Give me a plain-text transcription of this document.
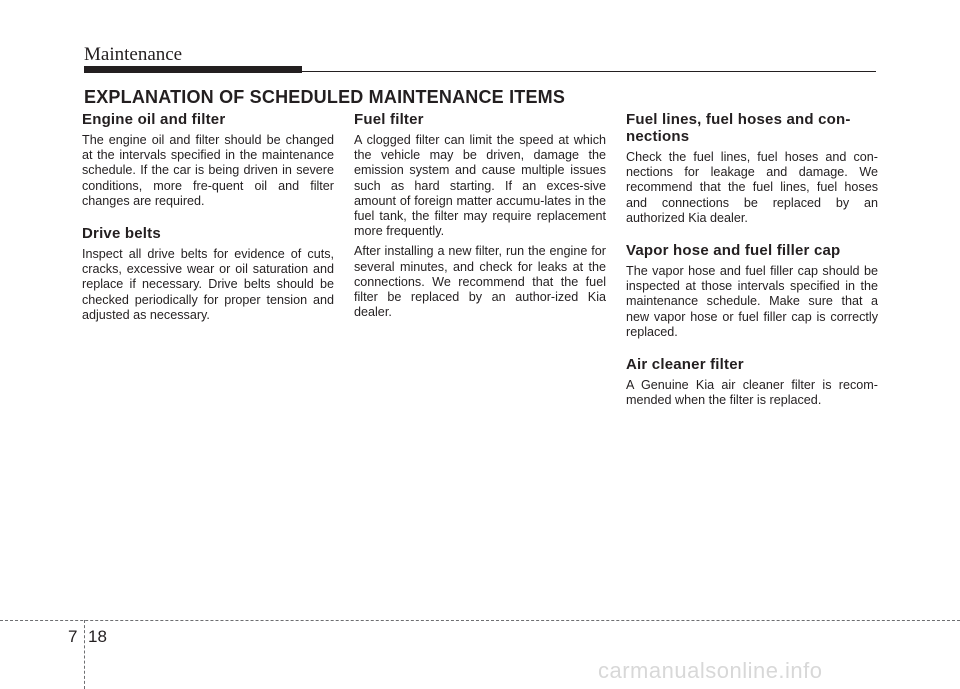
Maintenance
EXPLANATION OF SCHEDULED MAINTENANCE ITEMS
Engine oil and filter

The engine oil and filter should be changed at the intervals specified in the maintenance schedule. If the car is being driven in severe conditions, more fre-quent oil and filter changes are required.

Drive belts

Inspect all drive belts for evidence of cuts, cracks, excessive wear or oil saturation and replace if necessary. Drive belts should be checked periodically for proper tension and adjusted as necessary.

Fuel filter

A clogged filter can limit the speed at which the vehicle may be driven, damage the emission system and cause multiple issues such as hard starting. If an exces-sive amount of foreign matter accumu-lates in the fuel tank, the filter may require replacement more frequently.

After installing a new filter, run the engine for several minutes, and check for leaks at the connections. We recommend that the fuel filter be replaced by an author-ized Kia dealer.

Fuel lines, fuel hoses and con-nections

Check the fuel lines, fuel hoses and con-nections for leakage and damage. We recommend that the fuel lines, fuel hoses and connections be replaced by an authorized Kia dealer.

Vapor hose and fuel filler cap

The vapor hose and fuel filler cap should be inspected at those intervals specified in the maintenance schedule. Make sure that a new vapor hose or fuel filler cap is correctly replaced.

Air cleaner filter

A Genuine Kia air cleaner filter is recom-mended when the filter is replaced.

7 18
carmanualsonline.info
